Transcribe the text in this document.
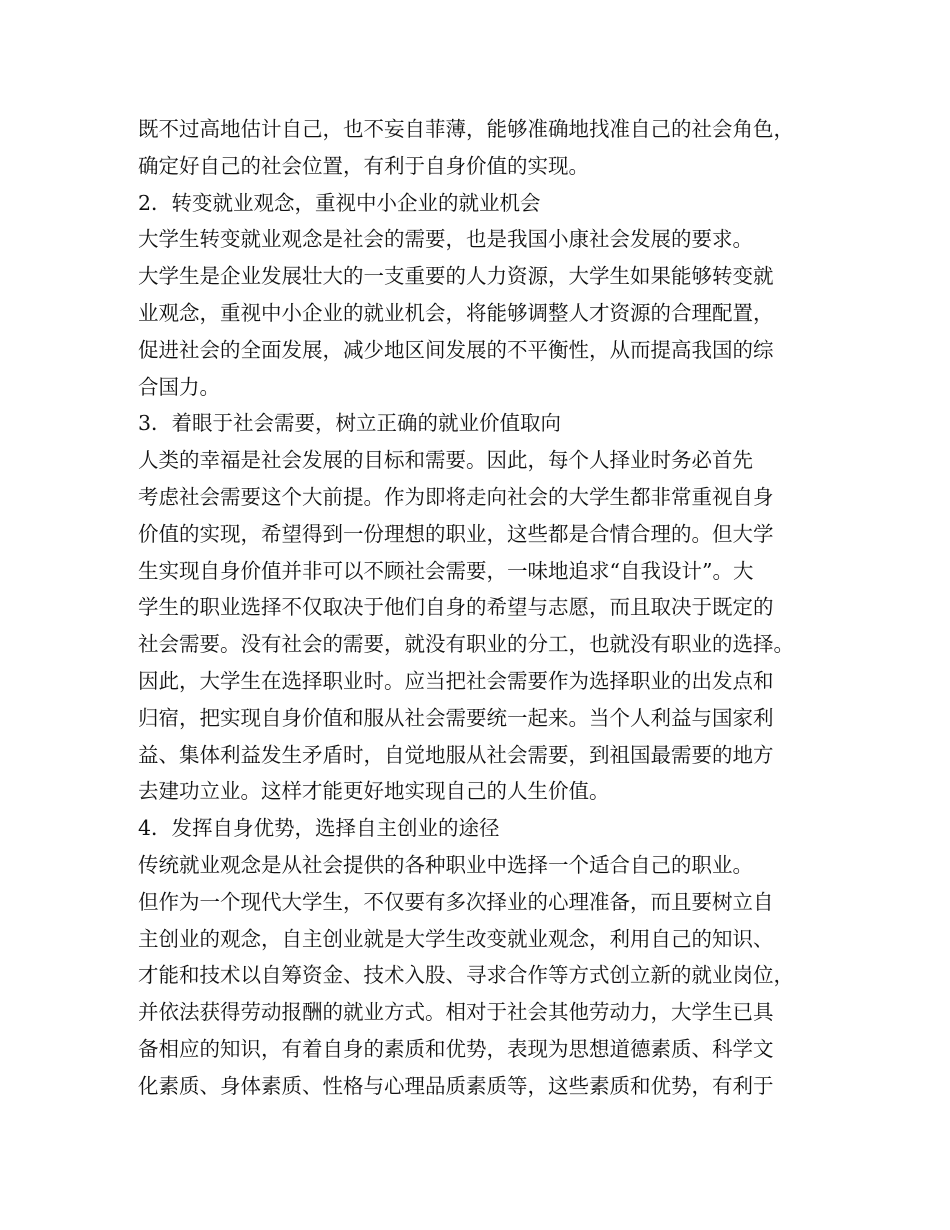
既不过高地估计自己，也不妄自菲薄，能够准确地找准自己的社会角色，
确定好自己的社会位置，有利于自身价值的实现。
2．转变就业观念，重视中小企业的就业机会
大学生转变就业观念是社会的需要，也是我国小康社会发展的要求。
大学生是企业发展壮大的一支重要的人力资源，大学生如果能够转变就
业观念，重视中小企业的就业机会，将能够调整人才资源的合理配置，
促进社会的全面发展，减少地区间发展的不平衡性，从而提高我国的综
合国力。
3．着眼于社会需要，树立正确的就业价值取向
人类的幸福是社会发展的目标和需要。因此，每个人择业时务必首先
考虑社会需要这个大前提。作为即将走向社会的大学生都非常重视自身
价值的实现，希望得到一份理想的职业，这些都是合情合理的。但大学
生实现自身价值并非可以不顾社会需要，一味地追求“自我设计”。大
学生的职业选择不仅取决于他们自身的希望与志愿，而且取决于既定的
社会需要。没有社会的需要，就没有职业的分工，也就没有职业的选择。
因此，大学生在选择职业时。应当把社会需要作为选择职业的出发点和
归宿，把实现自身价值和服从社会需要统一起来。当个人利益与国家利
益、集体利益发生矛盾时，自觉地服从社会需要，到祖国最需要的地方
去建功立业。这样才能更好地实现自己的人生价值。
4．发挥自身优势，选择自主创业的途径
传统就业观念是从社会提供的各种职业中选择一个适合自己的职业。
但作为一个现代大学生，不仅要有多次择业的心理准备，而且要树立自
主创业的观念，自主创业就是大学生改变就业观念，利用自己的知识、
才能和技术以自筹资金、技术入股、寻求合作等方式创立新的就业岗位，
并依法获得劳动报酬的就业方式。相对于社会其他劳动力，大学生已具
备相应的知识，有着自身的素质和优势，表现为思想道德素质、科学文
化素质、身体素质、性格与心理品质素质等，这些素质和优势，有利于
